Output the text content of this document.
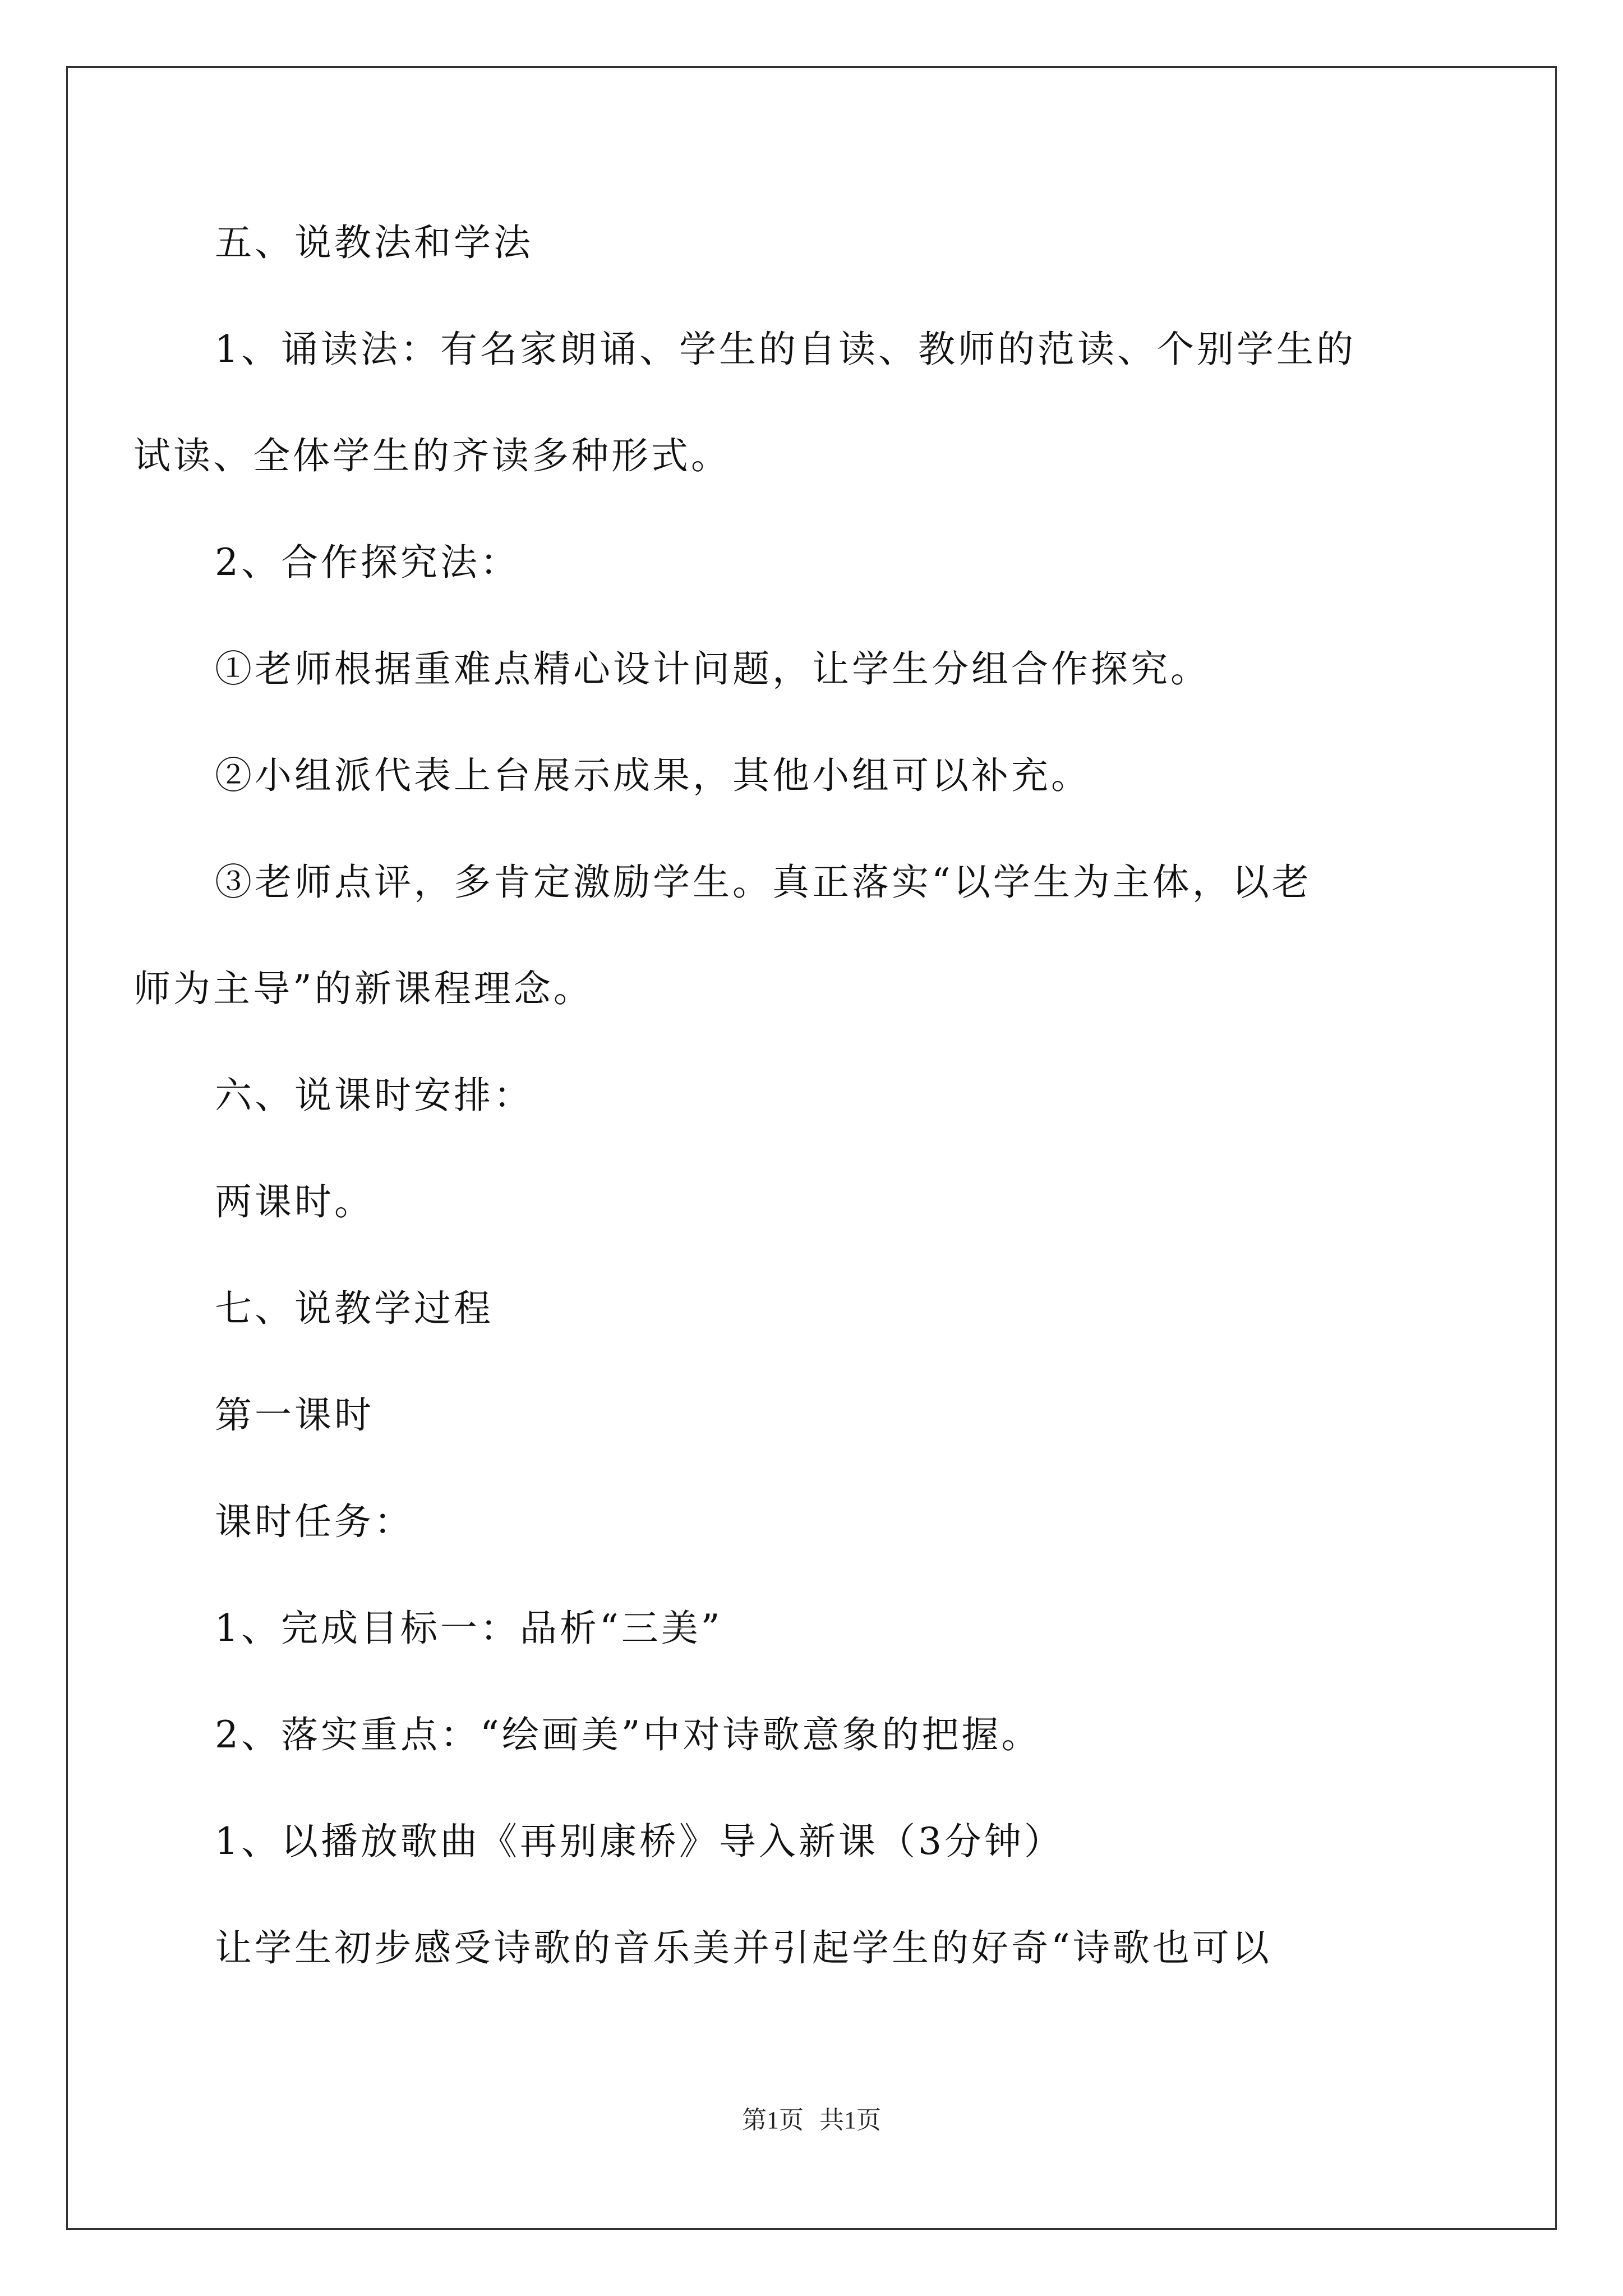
五、说教法和学法
1、诵读法：有名家朗诵、学生的自读、教师的范读、个别学生的
试读、全体学生的齐读多种形式。
2、合作探究法：
①老师根据重难点精心设计问题，让学生分组合作探究。
②小组派代表上台展示成果，其他小组可以补充。
③老师点评，多肯定激励学生。真正落实“以学生为主体，以老
师为主导”的新课程理念。
六、说课时安排：
两课时。
七、说教学过程
第一课时
课时任务：
1、完成目标一：品析“三美”
2、落实重点：“绘画美”中对诗歌意象的把握。
1、以播放歌曲《再别康桥》导入新课（3分钟）
让学生初步感受诗歌的音乐美并引起学生的好奇“诗歌也可以
第1页 共1页
